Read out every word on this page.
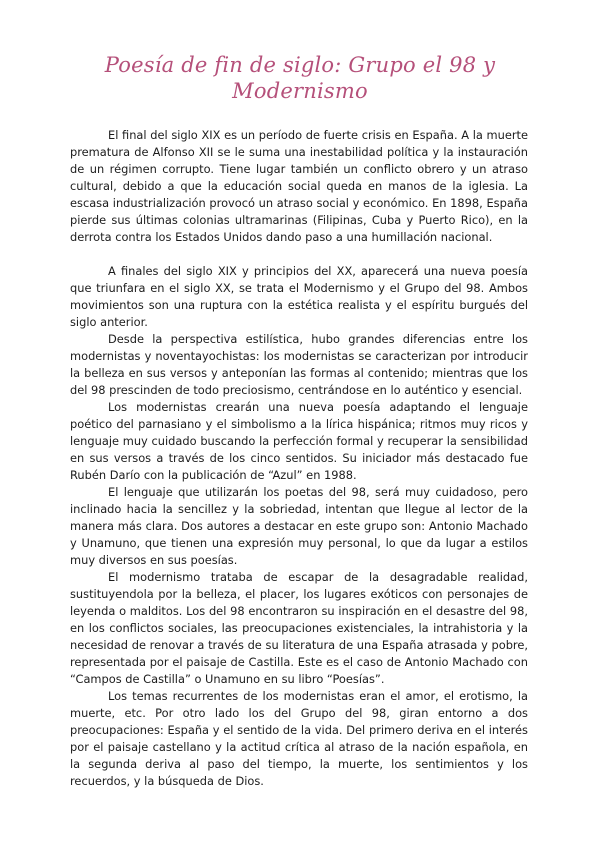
Poesía de fin de siglo: Grupo el 98 y Modernismo

El final del siglo XIX es un período de fuerte crisis en España. A la muerte prematura de Alfonso XII se le suma una inestabilidad política y la instauración de un régimen corrupto. Tiene lugar también un conflicto obrero y un atraso cultural, debido a que la educación social queda en manos de la iglesia. La escasa industrialización provocó un atraso social y económico. En 1898, España pierde sus últimas colonias ultramarinas (Filipinas, Cuba y Puerto Rico), en la derrota contra los Estados Unidos dando paso a una humillación nacional.

A finales del siglo XIX y principios del XX, aparecerá una nueva poesía que triunfara en el siglo XX, se trata el Modernismo y el Grupo del 98. Ambos movimientos son una ruptura con la estética realista y el espíritu burgués del siglo anterior.

Desde la perspectiva estilística, hubo grandes diferencias entre los modernistas y noventayochistas: los modernistas se caracterizan por introducir la belleza en sus versos y anteponían las formas al contenido; mientras que los del 98 prescinden de todo preciosismo, centrándose en lo auténtico y esencial.

Los modernistas crearán una nueva poesía adaptando el lenguaje poético del parnasiano y el simbolismo a la lírica hispánica; ritmos muy ricos y lenguaje muy cuidado buscando la perfección formal y recuperar la sensibilidad en sus versos a través de los cinco sentidos. Su iniciador más destacado fue Rubén Darío con la publicación de “Azul” en 1988.

El lenguaje que utilizarán los poetas del 98, será muy cuidadoso, pero inclinado hacia la sencillez y la sobriedad, intentan que llegue al lector de la manera más clara. Dos autores a destacar en este grupo son: Antonio Machado y Unamuno, que tienen una expresión muy personal, lo que da lugar a estilos muy diversos en sus poesías.

El modernismo trataba de escapar de la desagradable realidad, sustituyendola por la belleza, el placer, los lugares exóticos con personajes de leyenda o malditos. Los del 98 encontraron su inspiración en el desastre del 98, en los conflictos sociales, las preocupaciones existenciales, la intrahistoria y la necesidad de renovar a través de su literatura de una España atrasada y pobre, representada por el paisaje de Castilla. Este es el caso de Antonio Machado con “Campos de Castilla” o Unamuno en su libro “Poesías”.

Los temas recurrentes de los modernistas eran el amor, el erotismo, la muerte, etc. Por otro lado los del Grupo del 98, giran entorno a dos preocupaciones: España y el sentido de la vida. Del primero deriva en el interés por el paisaje castellano y la actitud crítica al atraso de la nación española, en la segunda deriva al paso del tiempo, la muerte, los sentimientos y los recuerdos, y la búsqueda de Dios.
